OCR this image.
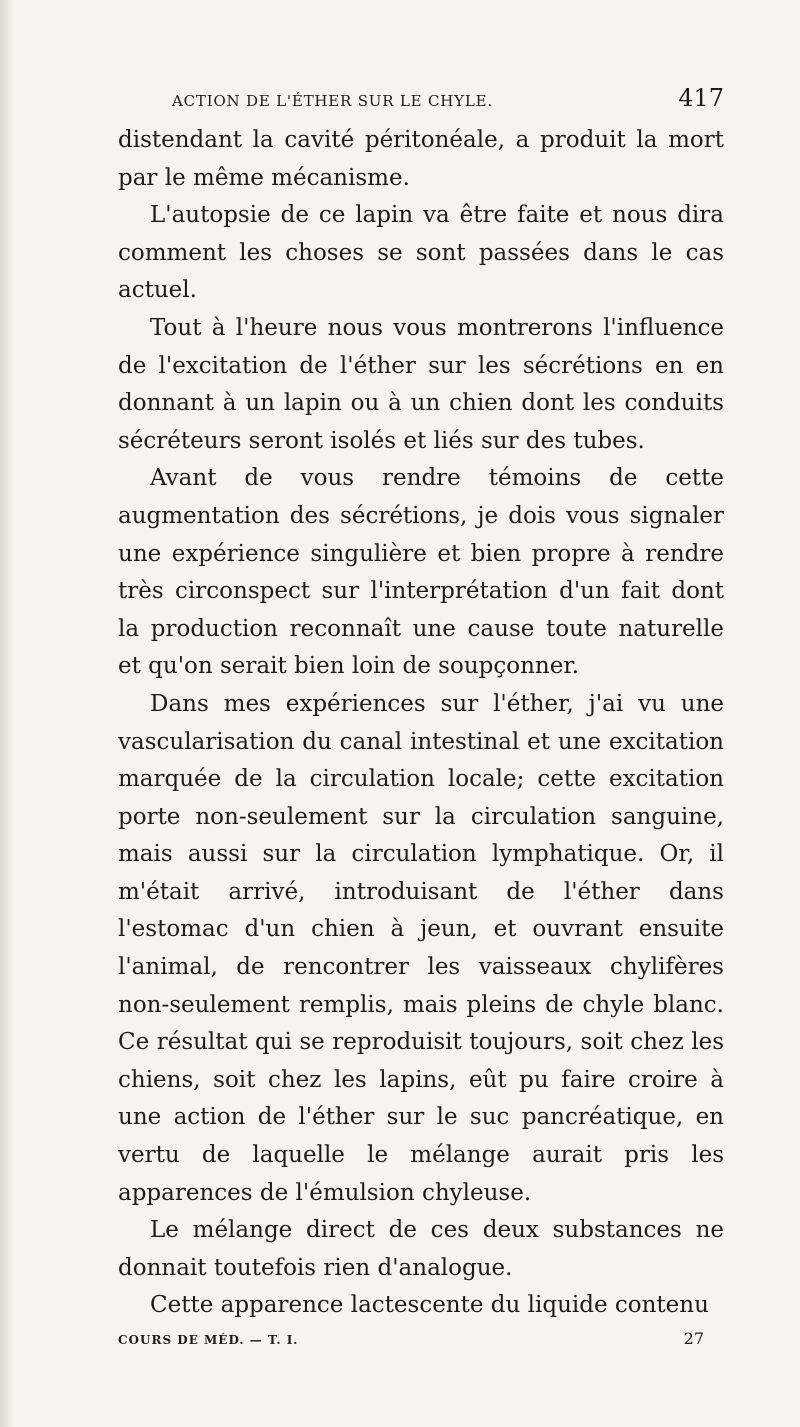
ACTION DE L'ÉTHER SUR LE CHYLE.	417

distendant la cavité péritonéale, a produit la mort par le même mécanisme.

L'autopsie de ce lapin va être faite et nous dira comment les choses se sont passées dans le cas actuel.

Tout à l'heure nous vous montrerons l'influence de l'excitation de l'éther sur les sécrétions en en donnant à un lapin ou à un chien dont les conduits sécréteurs seront isolés et liés sur des tubes.

Avant de vous rendre témoins de cette augmentation des sécrétions, je dois vous signaler une expérience singulière et bien propre à rendre très circonspect sur l'interprétation d'un fait dont la production reconnaît une cause toute naturelle et qu'on serait bien loin de soupçonner.

Dans mes expériences sur l'éther, j'ai vu une vascularisation du canal intestinal et une excitation marquée de la circulation locale; cette excitation porte non-seulement sur la circulation sanguine, mais aussi sur la circulation lymphatique. Or, il m'était arrivé, introduisant de l'éther dans l'estomac d'un chien à jeun, et ouvrant ensuite l'animal, de rencontrer les vaisseaux chylifères non-seulement remplis, mais pleins de chyle blanc. Ce résultat qui se reproduisit toujours, soit chez les chiens, soit chez les lapins, eût pu faire croire à une action de l'éther sur le suc pancréatique, en vertu de laquelle le mélange aurait pris les apparences de l'émulsion chyleuse.

Le mélange direct de ces deux substances ne donnait toutefois rien d'analogue.

Cette apparence lactescente du liquide contenu

COURS DE MÉD. — T. I.	27
